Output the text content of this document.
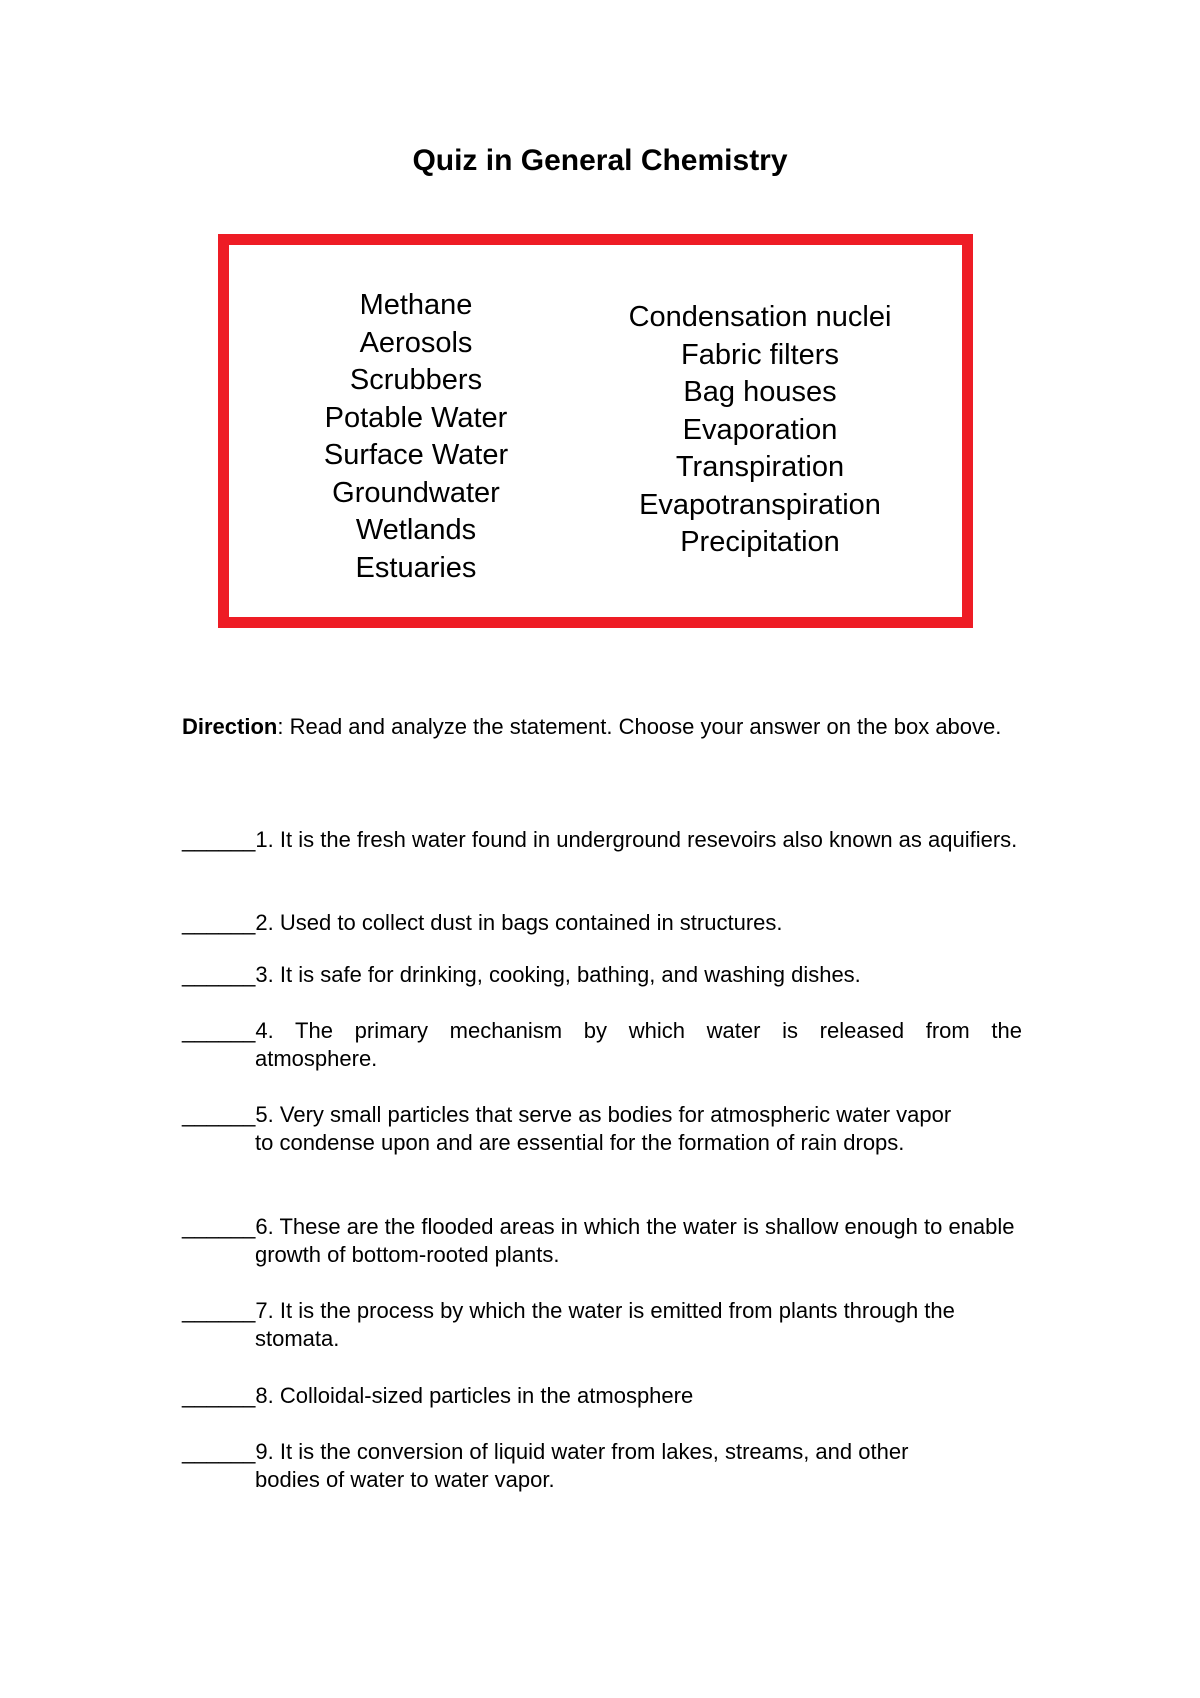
Quiz in General Chemistry
Methane
Aerosols
Scrubbers
Potable Water
Surface Water
Groundwater
Wetlands
Estuaries
Condensation nuclei
Fabric filters
Bag houses
Evaporation
Transpiration
Evapotranspiration
Precipitation
Direction: Read and analyze the statement. Choose your answer on the box above.
______ 1. It is the fresh water found in underground resevoirs also known as aquifiers.
______ 2. Used to collect dust in bags contained in structures.
______ 3. It is safe for drinking, cooking, bathing, and washing dishes.
______ 4. The primary mechanism by which water is released from the atmosphere.
______ 5. Very small particles that serve as bodies for atmospheric water vapor to condense upon and are essential for the formation of rain drops.
______ 6. These are the flooded areas in which the water is shallow enough to enable growth of bottom-rooted plants.
______ 7. It is the process by which the water is emitted from plants through the stomata.
______ 8. Colloidal-sized particles in the atmosphere
______ 9. It is the conversion of liquid water from lakes, streams, and other bodies of water to water vapor.
